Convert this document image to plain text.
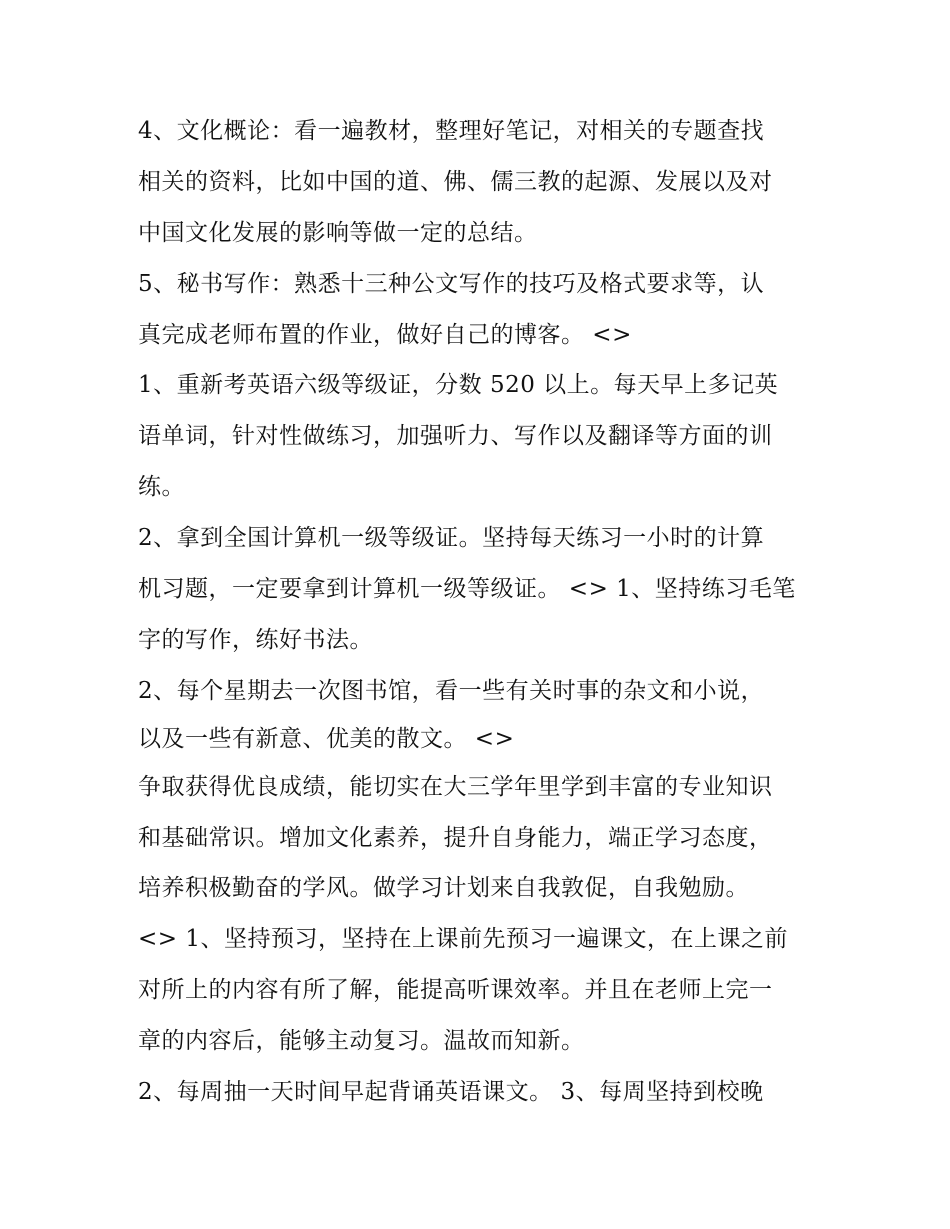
4、文化概论：看一遍教材，整理好笔记，对相关的专题查找
相关的资料，比如中国的道、佛、儒三教的起源、发展以及对
中国文化发展的影响等做一定的总结。
5、秘书写作：熟悉十三种公文写作的技巧及格式要求等，认
真完成老师布置的作业，做好自己的博客。 <>
1、重新考英语六级等级证，分数 520 以上。每天早上多记英
语单词，针对性做练习，加强听力、写作以及翻译等方面的训
练。
2、拿到全国计算机一级等级证。坚持每天练习一小时的计算
机习题，一定要拿到计算机一级等级证。 <> 1、坚持练习毛笔
字的写作，练好书法。
2、每个星期去一次图书馆，看一些有关时事的杂文和小说，
以及一些有新意、优美的散文。 <>
争取获得优良成绩，能切实在大三学年里学到丰富的专业知识
和基础常识。增加文化素养，提升自身能力，端正学习态度，
培养积极勤奋的学风。做学习计划来自我敦促，自我勉励。
<> 1、坚持预习，坚持在上课前先预习一遍课文，在上课之前
对所上的内容有所了解，能提高听课效率。并且在老师上完一
章的内容后，能够主动复习。温故而知新。
2、每周抽一天时间早起背诵英语课文。 3、每周坚持到校晚
